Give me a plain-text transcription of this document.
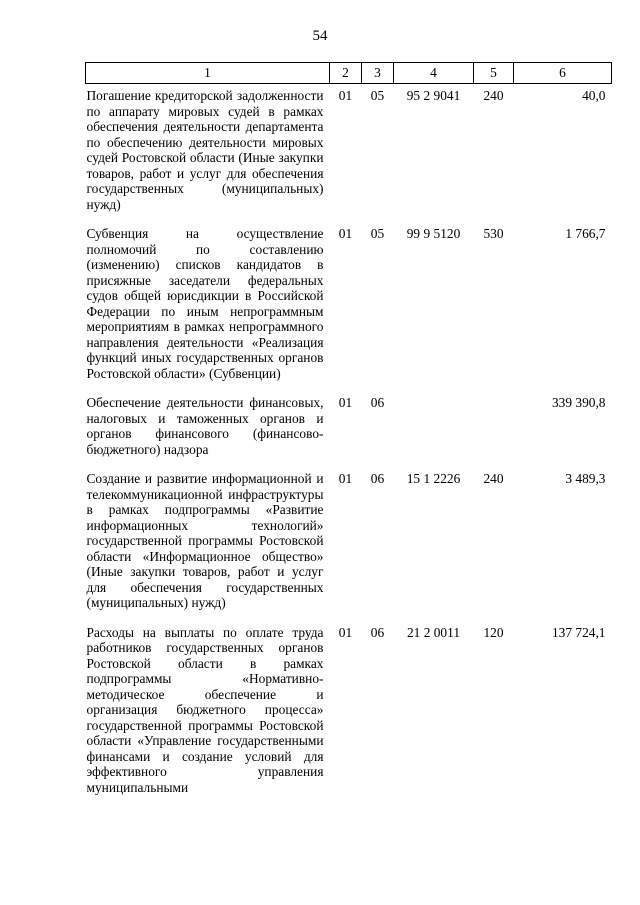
54
1	2	3	4	5	6
Погашение кредиторской задолженности по аппарату мировых судей в рамках обеспечения деятельности департамента по обеспечению деятельности мировых судей Ростовской области (Иные закупки товаров, работ и услуг для обеспечения государственных (муниципальных) нужд)	01	05	95 2 9041	240	40,0
Субвенция на осуществление полномочий по составлению (изменению) списков кандидатов в присяжные заседатели федеральных судов общей юрисдикции в Российской Федерации по иным непрограммным мероприятиям в рамках непрограммного направления деятельности «Реализация функций иных государственных органов Ростовской области» (Субвенции)	01	05	99 9 5120	530	1 766,7
Обеспечение деятельности финансовых, налоговых и таможенных органов и органов финансового (финансово-бюджетного) надзора	01	06			339 390,8
Создание и развитие информационной и телекоммуникационной инфраструктуры в рамках подпрограммы «Развитие информационных технологий» государственной программы Ростовской области «Информационное общество» (Иные закупки товаров, работ и услуг для обеспечения государственных (муниципальных) нужд)	01	06	15 1 2226	240	3 489,3
Расходы на выплаты по оплате труда работников государственных органов Ростовской области в рамках подпрограммы «Нормативно-методическое обеспечение и организация бюджетного процесса» государственной программы Ростовской области «Управление государственными финансами и создание условий для эффективного управления муниципальными	01	06	21 2 0011	120	137 724,1
